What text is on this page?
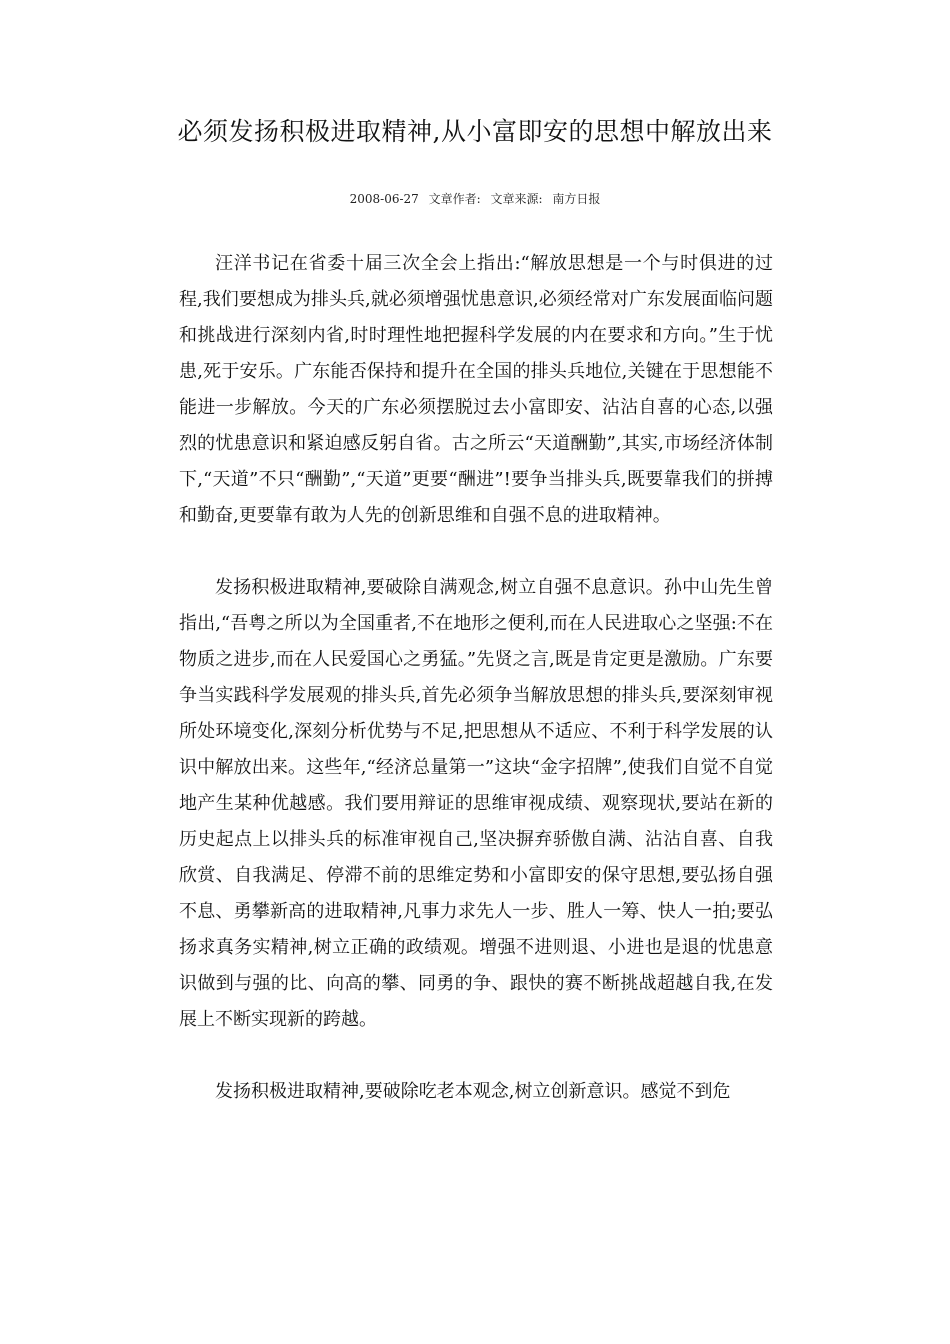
必须发扬积极进取精神,从小富即安的思想中解放出来
2008-06-27 文章作者: 文章来源: 南方日报

汪洋书记在省委十届三次全会上指出:“解放思想是一个与时俱进的过程,我们要想成为排头兵,就必须增强忧患意识,必须经常对广东发展面临问题和挑战进行深刻内省,时时理性地把握科学发展的内在要求和方向。”生于忧患,死于安乐。广东能否保持和提升在全国的排头兵地位,关键在于思想能不能进一步解放。今天的广东必须摆脱过去小富即安、沾沾自喜的心态,以强烈的忧患意识和紧迫感反躬自省。古之所云“天道酬勤”,其实,市场经济体制下,“天道”不只“酬勤”,“天道”更要“酬进”!要争当排头兵,既要靠我们的拼搏和勤奋,更要靠有敢为人先的创新思维和自强不息的进取精神。

发扬积极进取精神,要破除自满观念,树立自强不息意识。孙中山先生曾指出,“吾粤之所以为全国重者,不在地形之便利,而在人民进取心之坚强:不在物质之进步,而在人民爱国心之勇猛。”先贤之言,既是肯定更是激励。广东要争当实践科学发展观的排头兵,首先必须争当解放思想的排头兵,要深刻审视所处环境变化,深刻分析优势与不足,把思想从不适应、不利于科学发展的认识中解放出来。这些年,“经济总量第一”这块“金字招牌”,使我们自觉不自觉地产生某种优越感。我们要用辩证的思维审视成绩、观察现状,要站在新的历史起点上以排头兵的标准审视自己,坚决摒弃骄傲自满、沾沾自喜、自我欣赏、自我满足、停滞不前的思维定势和小富即安的保守思想,要弘扬自强不息、勇攀新高的进取精神,凡事力求先人一步、胜人一筹、快人一拍;要弘扬求真务实精神,树立正确的政绩观。增强不进则退、小进也是退的忧患意识做到与强的比、向高的攀、同勇的争、跟快的赛不断挑战超越自我,在发展上不断实现新的跨越。

发扬积极进取精神,要破除吃老本观念,树立创新意识。感觉不到危
